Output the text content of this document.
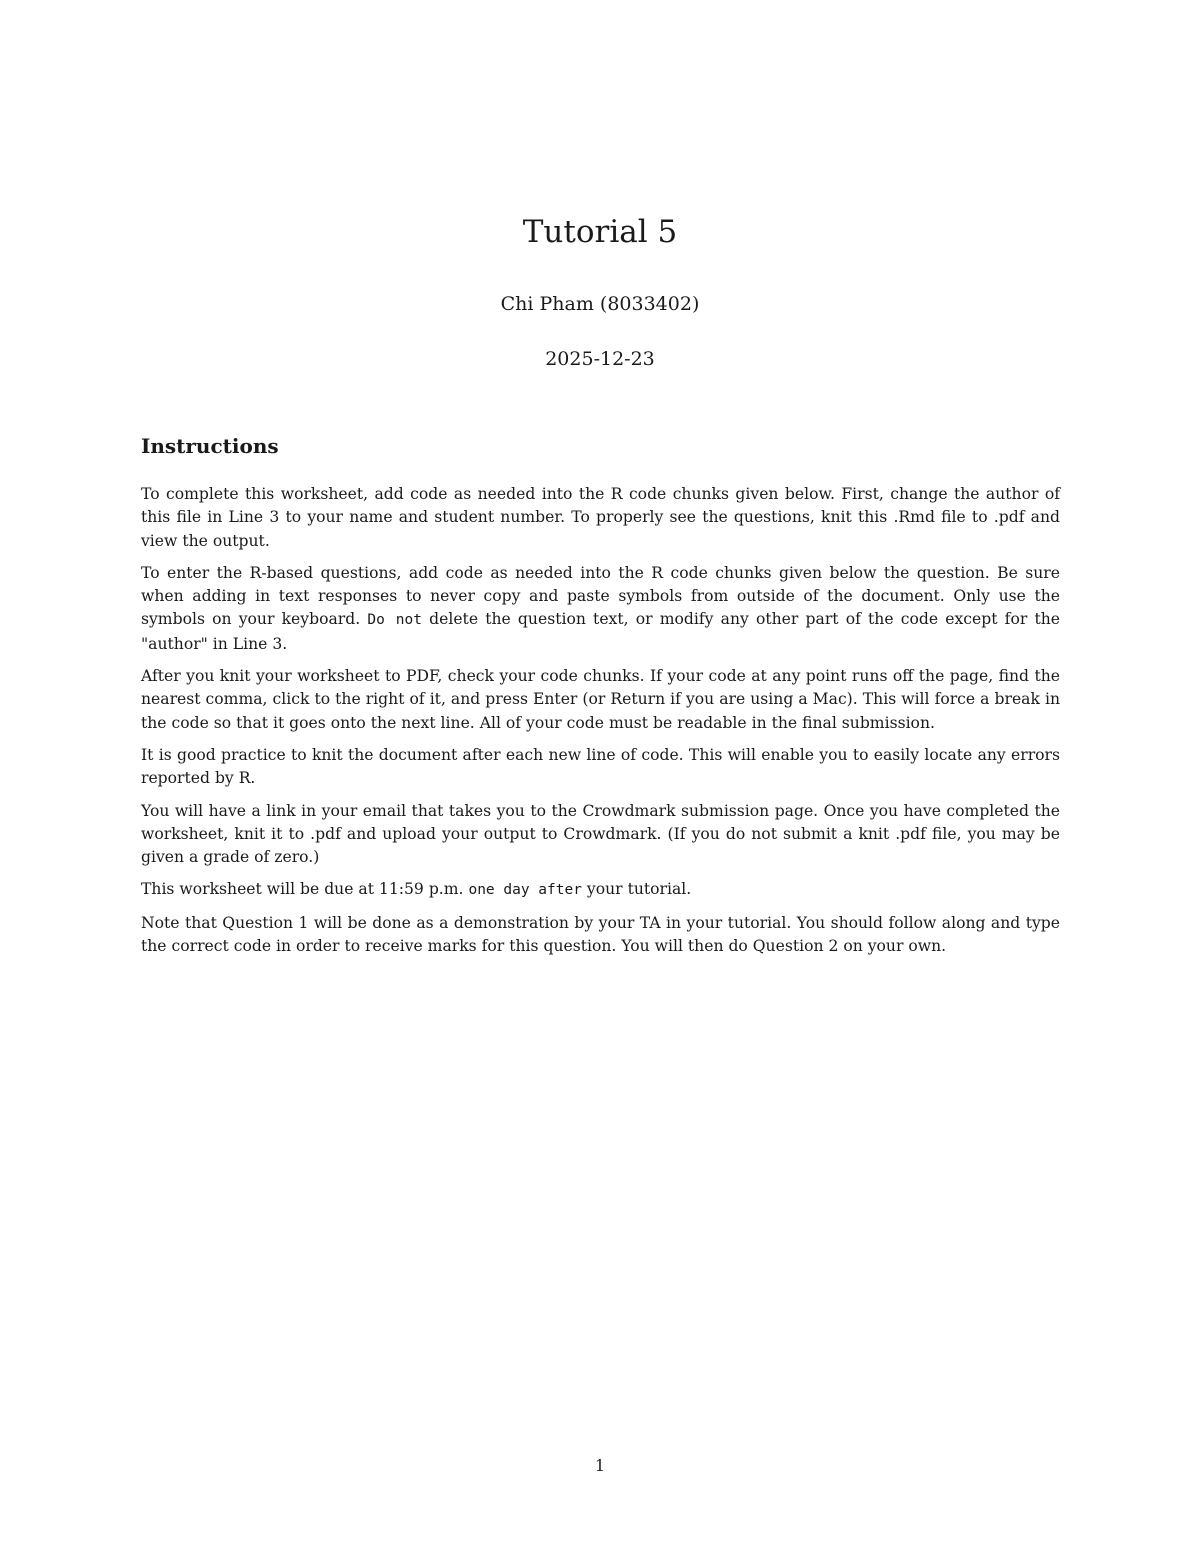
Tutorial 5
Chi Pham (8033402)
2025-12-23
Instructions

To complete this worksheet, add code as needed into the R code chunks given below. First, change the author of this file in Line 3 to your name and student number. To properly see the questions, knit this .Rmd file to .pdf and view the output.

To enter the R-based questions, add code as needed into the R code chunks given below the question. Be sure when adding in text responses to never copy and paste symbols from outside of the document. Only use the symbols on your keyboard. Do not delete the question text, or modify any other part of the code except for the "author" in Line 3.

After you knit your worksheet to PDF, check your code chunks. If your code at any point runs off the page, find the nearest comma, click to the right of it, and press Enter (or Return if you are using a Mac). This will force a break in the code so that it goes onto the next line. All of your code must be readable in the final submission.

It is good practice to knit the document after each new line of code. This will enable you to easily locate any errors reported by R.

You will have a link in your email that takes you to the Crowdmark submission page. Once you have completed the worksheet, knit it to .pdf and upload your output to Crowdmark. (If you do not submit a knit .pdf file, you may be given a grade of zero.)

This worksheet will be due at 11:59 p.m. one day after your tutorial.

Note that Question 1 will be done as a demonstration by your TA in your tutorial. You should follow along and type the correct code in order to receive marks for this question. You will then do Question 2 on your own.

1
